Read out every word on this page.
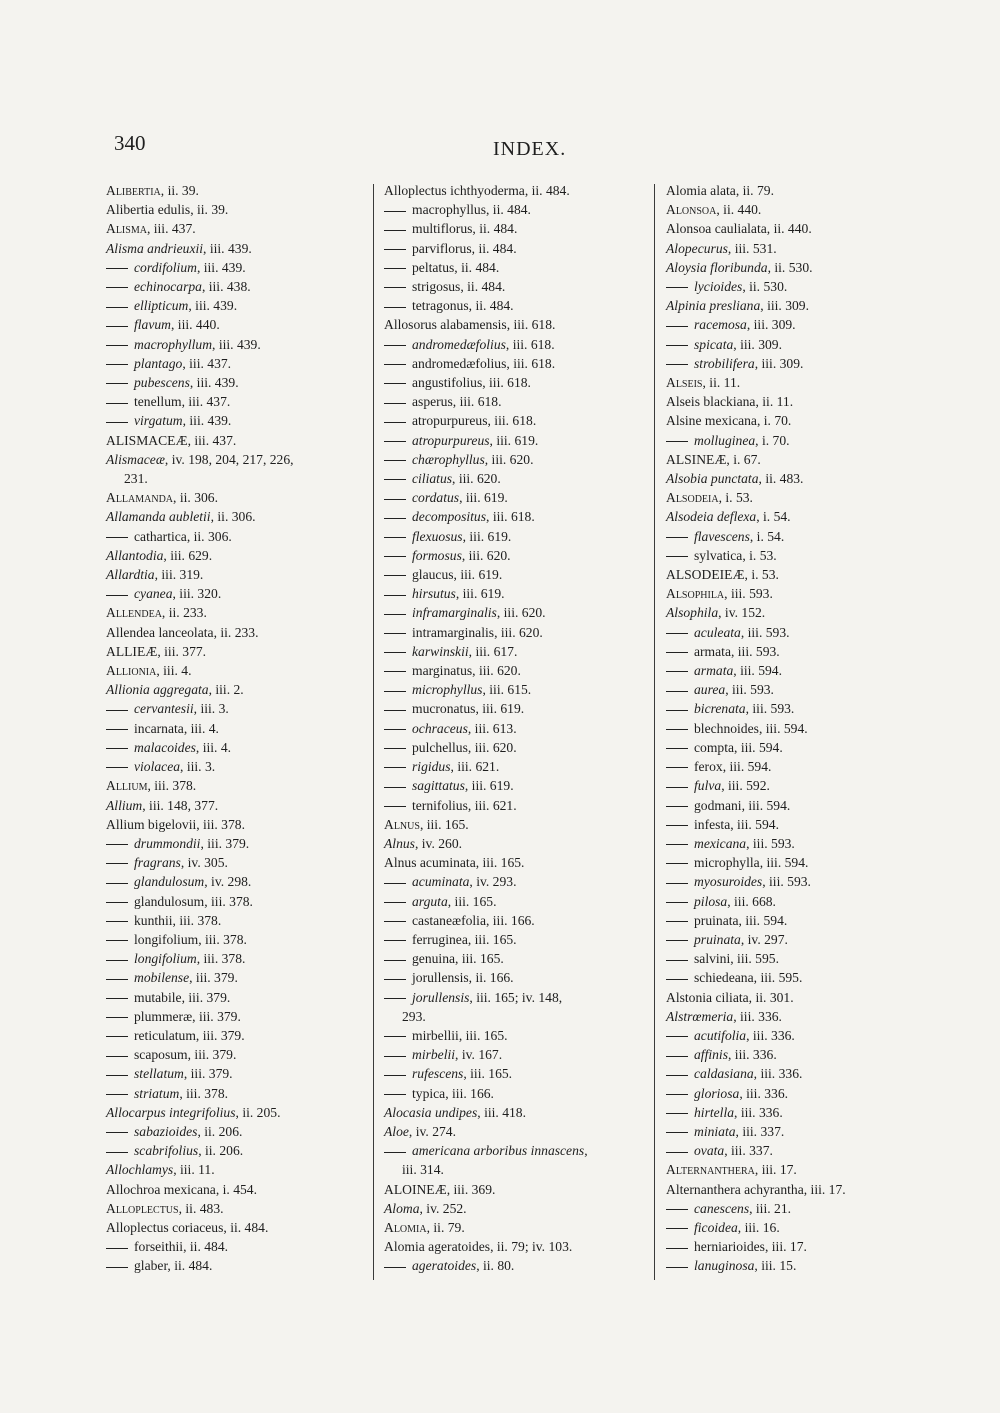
340	INDEX.
Alibertia, ii. 39.
Alibertia edulis, ii. 39.
Alisma, iii. 437.
Alisma andrieuxii, iii. 439.
cordifolium, iii. 439.
echinocarpa, iii. 438.
ellipticum, iii. 439.
flavum, iii. 440.
macrophyllum, iii. 439.
plantago, iii. 437.
pubescens, iii. 439.
tenellum, iii. 437.
virgatum, iii. 439.
ALISMACEÆ, iii. 437.
Alismaceæ, iv. 198, 204, 217, 226,
231.
Allamanda, ii. 306.
Allamanda aubletii, ii. 306.
cathartica, ii. 306.
Allantodia, iii. 629.
Allardtia, iii. 319.
cyanea, iii. 320.
Allendea, ii. 233.
Allendea lanceolata, ii. 233.
ALLIEÆ, iii. 377.
Allionia, iii. 4.
Allionia aggregata, iii. 2.
cervantesii, iii. 3.
incarnata, iii. 4.
malacoides, iii. 4.
violacea, iii. 3.
Allium, iii. 378.
Allium, iii. 148, 377.
Allium bigelovii, iii. 378.
drummondii, iii. 379.
fragrans, iv. 305.
glandulosum, iv. 298.
glandulosum, iii. 378.
kunthii, iii. 378.
longifolium, iii. 378.
longifolium, iii. 378.
mobilense, iii. 379.
mutabile, iii. 379.
plummeræ, iii. 379.
reticulatum, iii. 379.
scaposum, iii. 379.
stellatum, iii. 379.
striatum, iii. 378.
Allocarpus integrifolius, ii. 205.
sabazioides, ii. 206.
scabrifolius, ii. 206.
Allochlamys, iii. 11.
Allochroa mexicana, i. 454.
Alloplectus, ii. 483.
Alloplectus coriaceus, ii. 484.
forseithii, ii. 484.
glaber, ii. 484.
Alloplectus ichthyoderma, ii. 484.
macrophyllus, ii. 484.
multiflorus, ii. 484.
parviflorus, ii. 484.
peltatus, ii. 484.
strigosus, ii. 484.
tetragonus, ii. 484.
Allosorus alabamensis, iii. 618.
andromedæfolius, iii. 618.
andromedæfolius, iii. 618.
angustifolius, iii. 618.
asperus, iii. 618.
atropurpureus, iii. 618.
atropurpureus, iii. 619.
chærophyllus, iii. 620.
ciliatus, iii. 620.
cordatus, iii. 619.
decompositus, iii. 618.
flexuosus, iii. 619.
formosus, iii. 620.
glaucus, iii. 619.
hirsutus, iii. 619.
inframarginalis, iii. 620.
intramarginalis, iii. 620.
karwinskii, iii. 617.
marginatus, iii. 620.
microphyllus, iii. 615.
mucronatus, iii. 619.
ochraceus, iii. 613.
pulchellus, iii. 620.
rigidus, iii. 621.
sagittatus, iii. 619.
ternifolius, iii. 621.
Alnus, iii. 165.
Alnus, iv. 260.
Alnus acuminata, iii. 165.
acuminata, iv. 293.
arguta, iii. 165.
castaneæfolia, iii. 166.
ferruginea, iii. 165.
genuina, iii. 165.
jorullensis, ii. 166.
jorullensis, iii. 165; iv. 148,
293.
mirbellii, iii. 165.
mirbelii, iv. 167.
rufescens, iii. 165.
typica, iii. 166.
Alocasia undipes, iii. 418.
Aloe, iv. 274.
americana arboribus innascens,
iii. 314.
ALOINEÆ, iii. 369.
Aloma, iv. 252.
Alomia, ii. 79.
Alomia ageratoides, ii. 79; iv. 103.
ageratoides, ii. 80.
Alomia alata, ii. 79.
Alonsoa, ii. 440.
Alonsoa caulialata, ii. 440.
Alopecurus, iii. 531.
Aloysia floribunda, ii. 530.
lycioides, ii. 530.
Alpinia presliana, iii. 309.
racemosa, iii. 309.
spicata, iii. 309.
strobilifera, iii. 309.
Alseis, ii. 11.
Alseis blackiana, ii. 11.
Alsine mexicana, i. 70.
molluginea, i. 70.
ALSINEÆ, i. 67.
Alsobia punctata, ii. 483.
Alsodeia, i. 53.
Alsodeia deflexa, i. 54.
flavescens, i. 54.
sylvatica, i. 53.
ALSODEIEÆ, i. 53.
Alsophila, iii. 593.
Alsophila, iv. 152.
aculeata, iii. 593.
armata, iii. 593.
armata, iii. 594.
aurea, iii. 593.
bicrenata, iii. 593.
blechnoides, iii. 594.
compta, iii. 594.
ferox, iii. 594.
fulva, iii. 592.
godmani, iii. 594.
infesta, iii. 594.
mexicana, iii. 593.
microphylla, iii. 594.
myosuroides, iii. 593.
pilosa, iii. 668.
pruinata, iii. 594.
pruinata, iv. 297.
salvini, iii. 595.
schiedeana, iii. 595.
Alstonia ciliata, ii. 301.
Alstrœmeria, iii. 336.
acutifolia, iii. 336.
affinis, iii. 336.
caldasiana, iii. 336.
gloriosa, iii. 336.
hirtella, iii. 336.
miniata, iii. 337.
ovata, iii. 337.
Alternanthera, iii. 17.
Alternanthera achyrantha, iii. 17.
canescens, iii. 21.
ficoidea, iii. 16.
herniarioides, iii. 17.
lanuginosa, iii. 15.
